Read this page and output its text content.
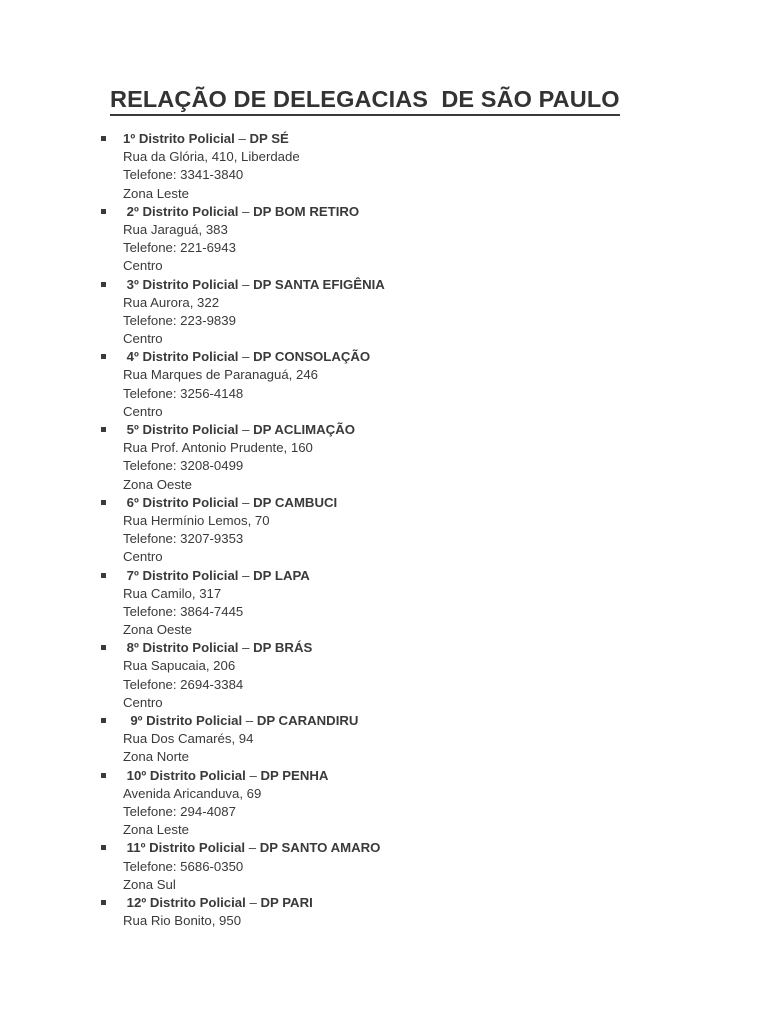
RELAÇÃO DE DELEGACIAS  DE SÃO PAULO
1º Distrito Policial – DP SÉ
Rua da Glória, 410, Liberdade
Telefone: 3341-3840
Zona Leste
2º Distrito Policial – DP BOM RETIRO
Rua Jaraguá, 383
Telefone: 221-6943
Centro
3º Distrito Policial – DP SANTA EFIGÊNIA
Rua Aurora, 322
Telefone: 223-9839
Centro
4º Distrito Policial – DP CONSOLAÇÃO
Rua Marques de Paranaguá, 246
Telefone: 3256-4148
Centro
5º Distrito Policial – DP ACLIMAÇÃO
Rua Prof. Antonio Prudente, 160
Telefone: 3208-0499
Zona Oeste
6º Distrito Policial – DP CAMBUCI
Rua Hermínio Lemos, 70
Telefone: 3207-9353
Centro
7º Distrito Policial – DP LAPA
Rua Camilo, 317
Telefone: 3864-7445
Zona Oeste
8º Distrito Policial – DP BRÁS
Rua Sapucaia, 206
Telefone: 2694-3384
Centro
9º Distrito Policial – DP CARANDIRU
Rua Dos Camarés, 94
Zona Norte
10º Distrito Policial – DP PENHA
Avenida Aricanduva, 69
Telefone: 294-4087
Zona Leste
11º Distrito Policial – DP SANTO AMARO
Telefone: 5686-0350
Zona Sul
12º Distrito Policial – DP PARI
Rua Rio Bonito, 950
